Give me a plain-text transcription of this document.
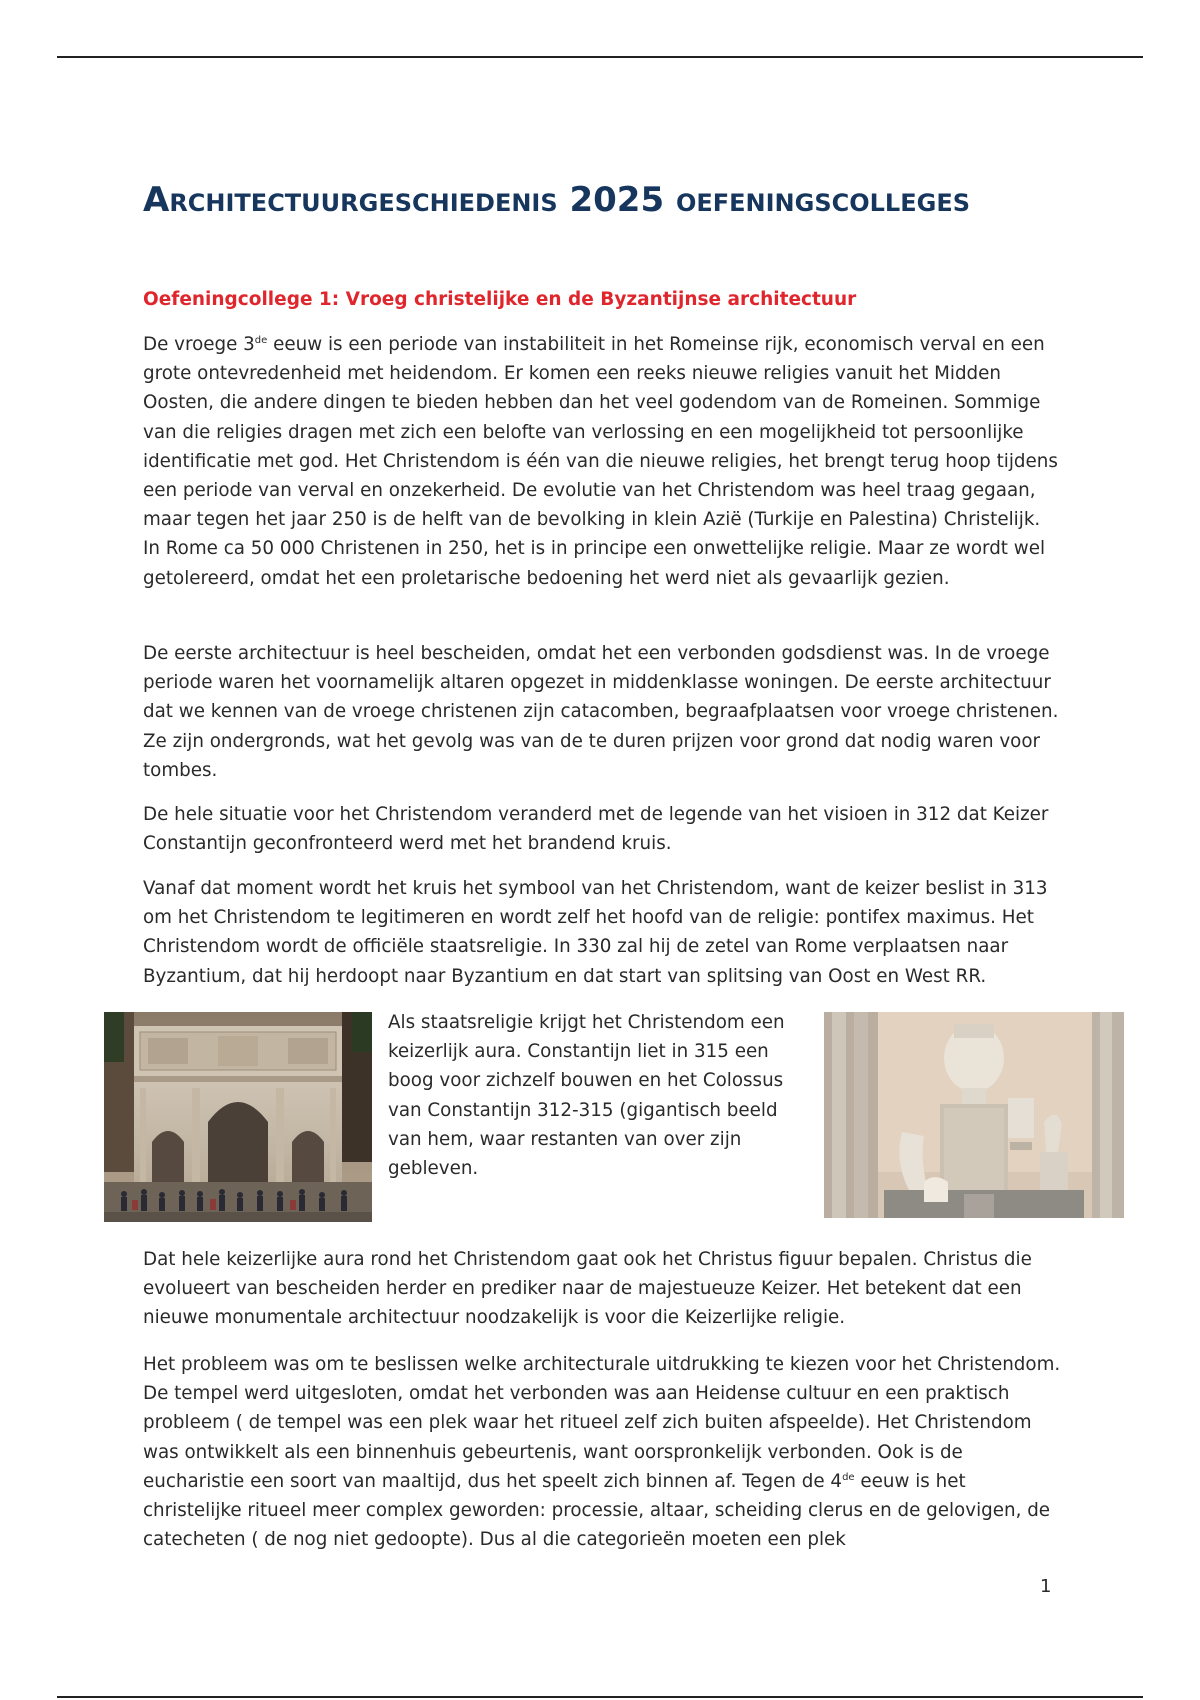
Architectuurgeschiedenis 2025 oefeningscolleges
Oefeningcollege 1: Vroeg christelijke en de Byzantijnse architectuur

De vroege 3de eeuw is een periode van instabiliteit in het Romeinse rijk, economisch verval en een grote ontevredenheid met heidendom. Er komen een reeks nieuwe religies vanuit het Midden Oosten, die andere dingen te bieden hebben dan het veel godendom van de Romeinen. Sommige van die religies dragen met zich een belofte van verlossing en een mogelijkheid tot persoonlijke identificatie met god. Het Christendom is één van die nieuwe religies, het brengt terug hoop tijdens een periode van verval en onzekerheid. De evolutie van het Christendom was heel traag gegaan, maar tegen het jaar 250 is de helft van de bevolking in klein Azië (Turkije en Palestina) Christelijk. In Rome ca 50 000 Christenen in 250, het is in principe een onwettelijke religie. Maar ze wordt wel getolereerd, omdat het een proletarische bedoening het werd niet als gevaarlijk gezien.

De eerste architectuur is heel bescheiden, omdat het een verbonden godsdienst was. In de vroege periode waren het voornamelijk altaren opgezet in middenklasse woningen. De eerste architectuur dat we kennen van de vroege christenen zijn catacomben, begraafplaatsen voor vroege christenen. Ze zijn ondergronds, wat het gevolg was van de te duren prijzen voor grond dat nodig waren voor tombes.

De hele situatie voor het Christendom veranderd met de legende van het visioen in 312 dat Keizer Constantijn geconfronteerd werd met het brandend kruis.

Vanaf dat moment wordt het kruis het symbool van het Christendom, want de keizer beslist in 313 om het Christendom te legitimeren en wordt zelf het hoofd van de religie: pontifex maximus. Het Christendom wordt de officiële staatsreligie. In 330 zal hij de zetel van Rome verplaatsen naar Byzantium, dat hij herdoopt naar Byzantium en dat start van splitsing van Oost en West RR.

Als staatsreligie krijgt het Christendom een keizerlijk aura. Constantijn liet in 315 een boog voor zichzelf bouwen en het Colossus van Constantijn 312-315 (gigantisch beeld van hem, waar restanten van over zijn gebleven.

Dat hele keizerlijke aura rond het Christendom gaat ook het Christus figuur bepalen. Christus die evolueert van bescheiden herder en prediker naar de majestueuze Keizer. Het betekent dat een nieuwe monumentale architectuur noodzakelijk is voor die Keizerlijke religie.

Het probleem was om te beslissen welke architecturale uitdrukking te kiezen voor het Christendom. De tempel werd uitgesloten, omdat het verbonden was aan Heidense cultuur en een praktisch probleem ( de tempel was een plek waar het ritueel zelf zich buiten afspeelde). Het Christendom was ontwikkelt als een binnenhuis gebeurtenis, want oorspronkelijk verbonden. Ook is de eucharistie een soort van maaltijd, dus het speelt zich binnen af. Tegen de 4de eeuw is het christelijke ritueel meer complex geworden: processie, altaar, scheiding clerus en de gelovigen, de catecheten ( de nog niet gedoopte). Dus al die categorieën moeten een plek

1
